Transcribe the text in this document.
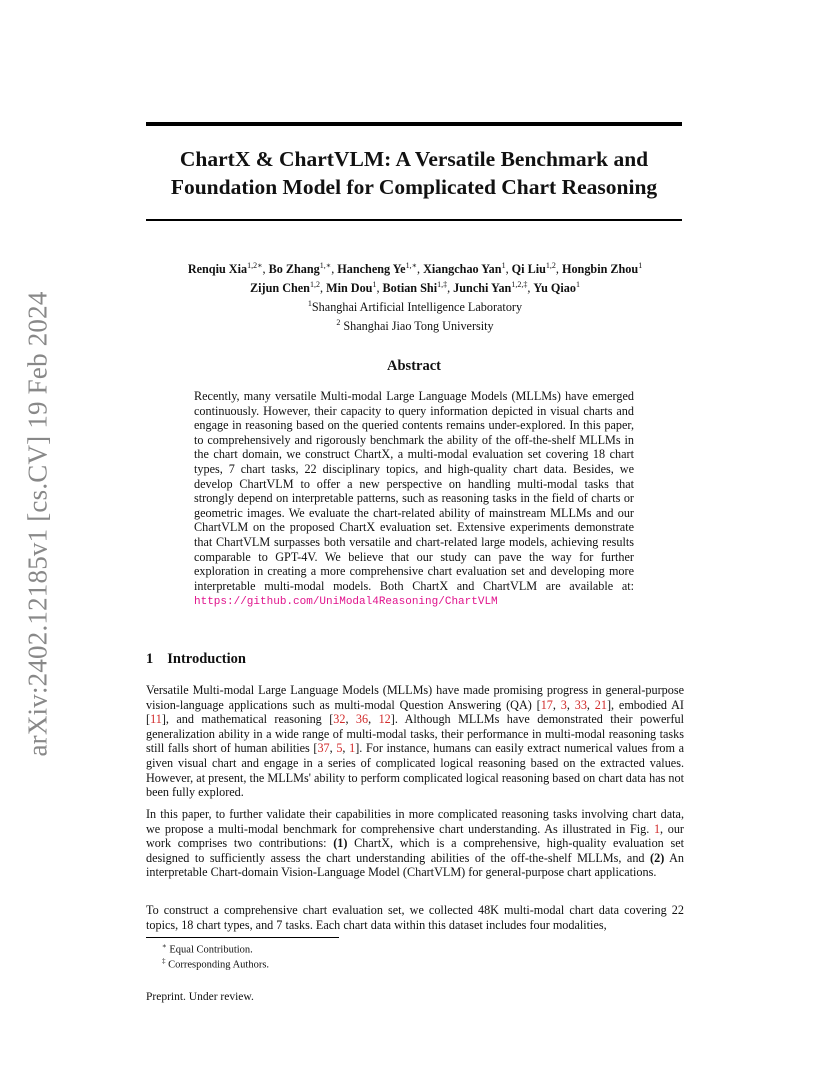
arXiv:2402.12185v1 [cs.CV] 19 Feb 2024
ChartX & ChartVLM: A Versatile Benchmark and
Foundation Model for Complicated Chart Reasoning
Renqiu Xia$^{1,2∗}$, Bo Zhang$^{1,∗}$, Hancheng $Ye^{1,∗}$, Xiangchao Yan$^1$, Qi Liu$^{1,2}$, Hongbin Zhou$^1$
Zijun Chen$^{1,2}$, Min Dou$^1$, Botian Shi$^{1,\ddagger}$, Junchi Yan$^{1,2,\ddagger}$, Yu Qiao$^1$
$^1$Shanghai Artificial Intelligence Laboratory
$^2$ Shanghai Jiao Tong University
Abstract
Recently, many versatile Multi-modal Large Language Models (MLLMs) have emerged continuously. However, their capacity to query information depicted in visual charts and engage in reasoning based on the queried contents remains under-explored. In this paper, to comprehensively and rigorously benchmark the ability of the off-the-shelf MLLMs in the chart domain, we construct ChartX, a multi-modal evaluation set covering 18 chart types, 7 chart tasks, 22 disciplinary topics, and high-quality chart data. Besides, we develop ChartVLM to offer a new perspective on handling multi-modal tasks that strongly depend on interpretable patterns, such as reasoning tasks in the field of charts or geometric images. We evaluate the chart-related ability of mainstream MLLMs and our ChartVLM on the proposed ChartX evaluation set. Extensive experiments demonstrate that ChartVLM surpasses both versatile and chart-related large models, achieving results comparable to GPT-4V. We believe that our study can pave the way for further exploration in creating a more comprehensive chart evaluation set and developing more interpretable multi-modal models. Both ChartX and ChartVLM are available at: https://github.com/UniModal4Reasoning/ChartVLM
1 Introduction
Versatile Multi-modal Large Language Models (MLLMs) have made promising progress in general-purpose vision-language applications such as multi-modal Question Answering (QA) [17, 3, 33, 21], embodied AI [11], and mathematical reasoning [32, 36, 12]. Although MLLMs have demonstrated their powerful generalization ability in a wide range of multi-modal tasks, their performance in multi-modal reasoning tasks still falls short of human abilities [37, 5, 1]. For instance, humans can easily extract numerical values from a given visual chart and engage in a series of complicated logical reasoning based on the extracted values. However, at present, the MLLMs' ability to perform complicated logical reasoning based on chart data has not been fully explored.
In this paper, to further validate their capabilities in more complicated reasoning tasks involving chart data, we propose a multi-modal benchmark for comprehensive chart understanding. As illustrated in Fig. 1, our work comprises two contributions: (1) ChartX, which is a comprehensive, high-quality evaluation set designed to sufficiently assess the chart understanding abilities of the off-the-shelf MLLMs, and (2) An interpretable Chart-domain Vision-Language Model (ChartVLM) for general-purpose chart applications.
To construct a comprehensive chart evaluation set, we collected 48K multi-modal chart data covering 22 topics, 18 chart types, and 7 tasks. Each chart data within this dataset includes four modalities,
∗ Equal Contribution.
‡ Corresponding Authors.
Preprint. Under review.
